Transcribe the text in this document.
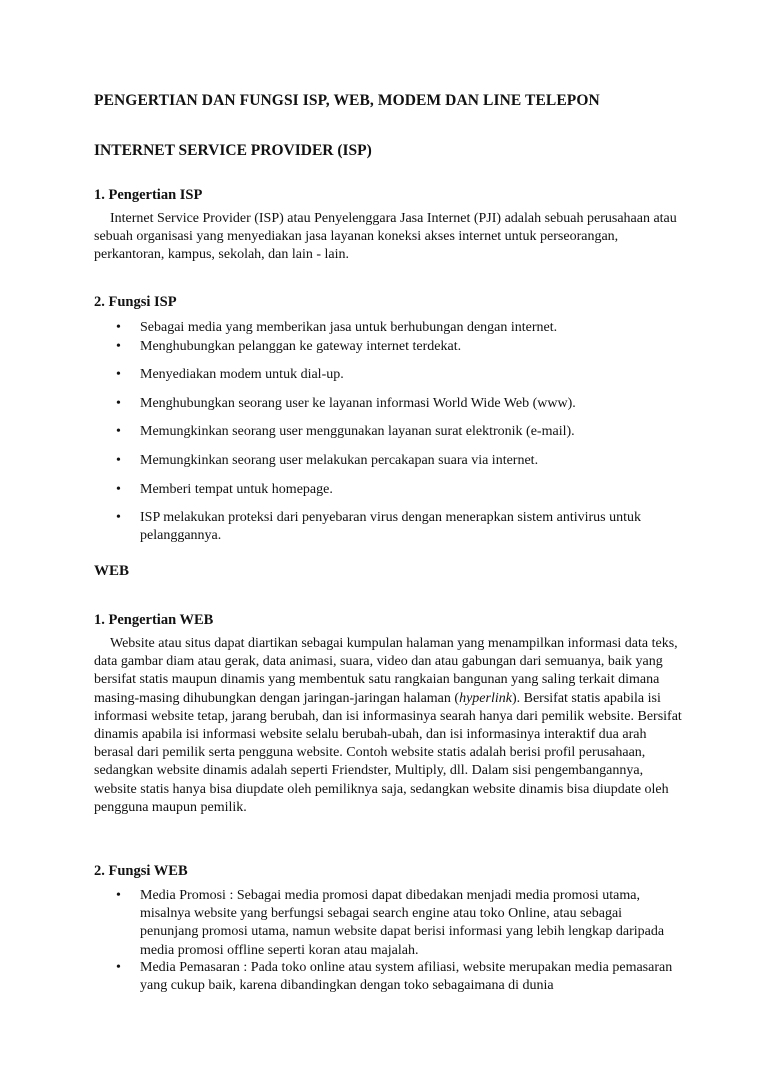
PENGERTIAN DAN FUNGSI ISP, WEB, MODEM DAN LINE TELEPON
INTERNET SERVICE PROVIDER (ISP)
1. Pengertian ISP

Internet Service Provider (ISP) atau Penyelenggara Jasa Internet (PJI) adalah sebuah perusahaan atau sebuah organisasi yang menyediakan jasa layanan koneksi akses internet untuk perseorangan, perkantoran, kampus, sekolah, dan lain - lain.

2. Fungsi ISP
• Sebagai media yang memberikan jasa untuk berhubungan dengan internet.
• Menghubungkan pelanggan ke gateway internet terdekat.
• Menyediakan modem untuk dial-up.
• Menghubungkan seorang user ke layanan informasi World Wide Web (www).
• Memungkinkan seorang user menggunakan layanan surat elektronik (e-mail).
• Memungkinkan seorang user melakukan percakapan suara via internet.
• Memberi tempat untuk homepage.
• ISP melakukan proteksi dari penyebaran virus dengan menerapkan sistem antivirus untuk pelanggannya.
WEB
1. Pengertian WEB

Website atau situs dapat diartikan sebagai kumpulan halaman yang menampilkan informasi data teks, data gambar diam atau gerak, data animasi, suara, video dan atau gabungan dari semuanya, baik yang bersifat statis maupun dinamis yang membentuk satu rangkaian bangunan yang saling terkait dimana masing-masing dihubungkan dengan jaringan-jaringan halaman (hyperlink). Bersifat statis apabila isi informasi website tetap, jarang berubah, dan isi informasinya searah hanya dari pemilik website. Bersifat dinamis apabila isi informasi website selalu berubah-ubah, dan isi informasinya interaktif dua arah berasal dari pemilik serta pengguna website. Contoh website statis adalah berisi profil perusahaan, sedangkan website dinamis adalah seperti Friendster, Multiply, dll. Dalam sisi pengembangannya, website statis hanya bisa diupdate oleh pemiliknya saja, sedangkan website dinamis bisa diupdate oleh pengguna maupun pemilik.

2. Fungsi WEB
• Media Promosi : Sebagai media promosi dapat dibedakan menjadi media promosi utama, misalnya website yang berfungsi sebagai search engine atau toko Online, atau sebagai penunjang promosi utama, namun website dapat berisi informasi yang lebih lengkap daripada media promosi offline seperti koran atau majalah.
• Media Pemasaran : Pada toko online atau system afiliasi, website merupakan media pemasaran yang cukup baik, karena dibandingkan dengan toko sebagaimana di dunia
